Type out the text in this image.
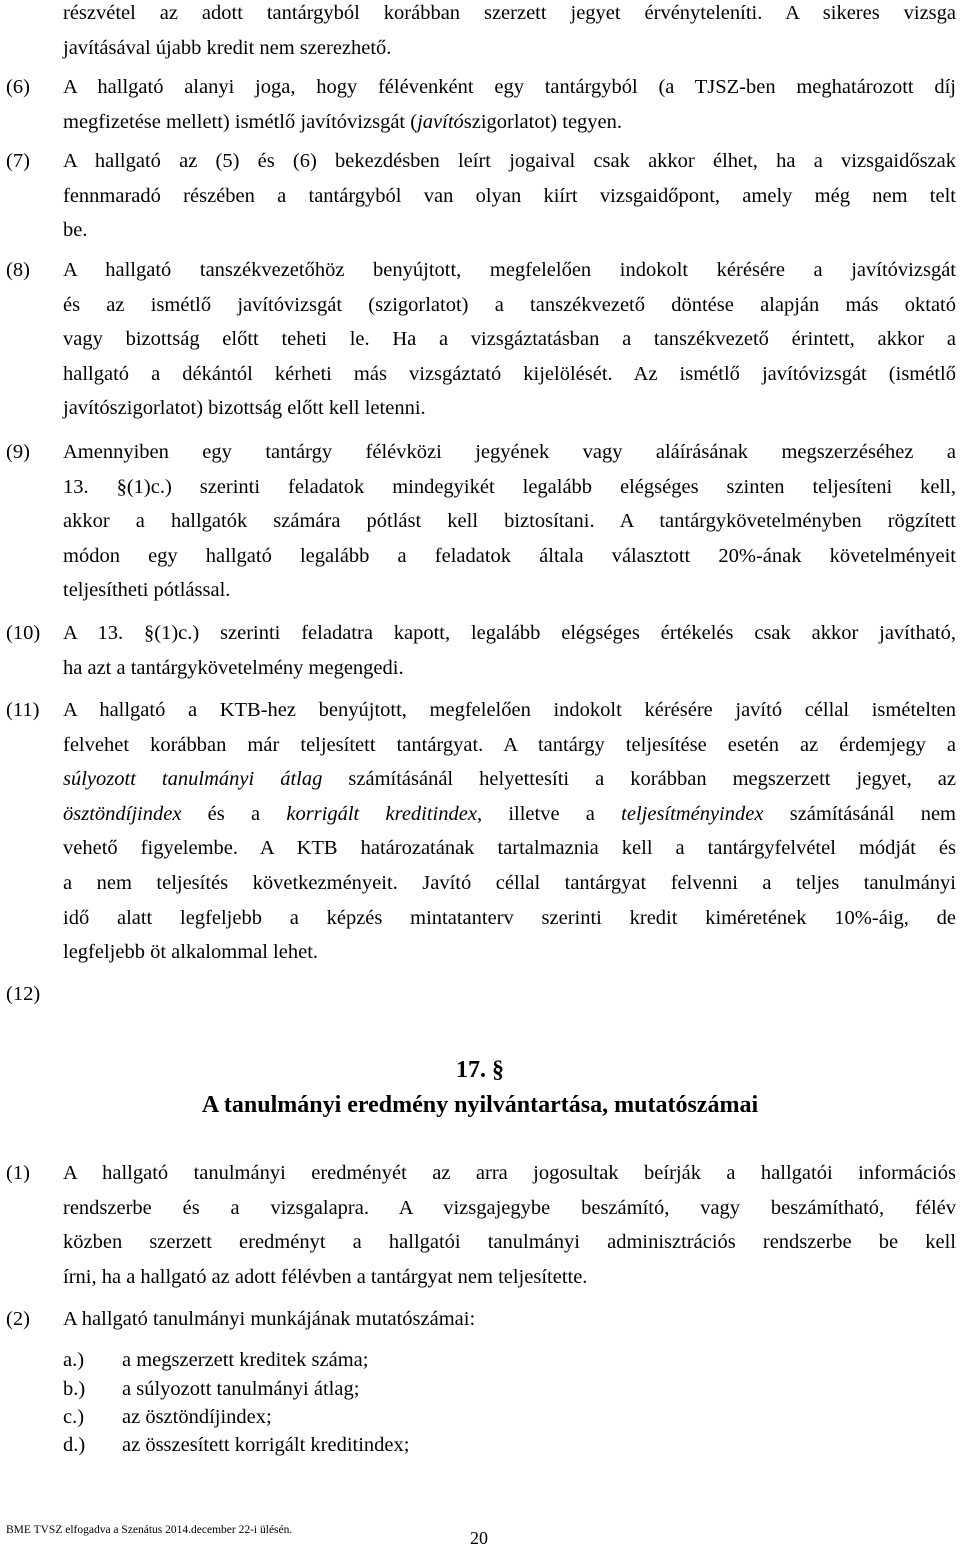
részvétel az adott tantárgyból korábban szerzett jegyet érvényteleníti. A sikeres vizsga
javításával újabb kredit nem szerezhető.
(6) A hallgató alanyi joga, hogy félévenként egy tantárgyból (a TJSZ-ben meghatározott díj
megfizetése mellett) ismétlő javítóvizsgát (javítószigorlatot) tegyen.
(7) A hallgató az (5) és (6) bekezdésben leírt jogaival csak akkor élhet, ha a vizsgaidőszak
fennmaradó részében a tantárgyból van olyan kiírt vizsgaidőpont, amely még nem telt
be.
(8) A hallgató tanszékvezetőhöz benyújtott, megfelelően indokolt kérésére a javítóvizsgát
és az ismétlő javítóvizsgát (szigorlatot) a tanszékvezető döntése alapján más oktató
vagy bizottság előtt teheti le. Ha a vizsgáztatásban a tanszékvezető érintett, akkor a
hallgató a dékántól kérheti más vizsgáztató kijelölését. Az ismétlő javítóvizsgát (ismétlő
javítószigorlatot) bizottság előtt kell letenni.
(9) Amennyiben egy tantárgy félévközi jegyének vagy aláírásának megszerzéséhez a
13. §(1)c.) szerinti feladatok mindegyikét legalább elégséges szinten teljesíteni kell,
akkor a hallgatók számára pótlást kell biztosítani. A tantárgykövetelményben rögzített
módon egy hallgató legalább a feladatok általa választott 20%-ának követelményeit
teljesítheti pótlással.
(10) A 13. §(1)c.) szerinti feladatra kapott, legalább elégséges értékelés csak akkor javítható,
ha azt a tantárgykövetelmény megengedi.
(11) A hallgató a KTB-hez benyújtott, megfelelően indokolt kérésére javító céllal ismételten
felvehet korábban már teljesített tantárgyat. A tantárgy teljesítése esetén az érdemjegy a
súlyozott tanulmányi átlag számításánál helyettesíti a korábban megszerzett jegyet, az
ösztöndíjindex és a korrigált kreditindex, illetve a teljesítményindex számításánál nem
vehető figyelembe. A KTB határozatának tartalmaznia kell a tantárgyfelvétel módját és
a nem teljesítés következményeit. Javító céllal tantárgyat felvenni a teljes tanulmányi
idő alatt legfeljebb a képzés mintatanterv szerinti kredit kiméretének 10%-áig, de
legfeljebb öt alkalommal lehet.
(12)
17. §
A tanulmányi eredmény nyilvántartása, mutatószámai
(1) A hallgató tanulmányi eredményét az arra jogosultak beírják a hallgatói információs
rendszerbe és a vizsgalapra. A vizsgajegybe beszámító, vagy beszámítható, félév
közben szerzett eredményt a hallgatói tanulmányi adminisztrációs rendszerbe be kell
írni, ha a hallgató az adott félévben a tantárgyat nem teljesítette.
(2) A hallgató tanulmányi munkájának mutatószámai:
a.) a megszerzett kreditek száma;
b.) a súlyozott tanulmányi átlag;
c.) az ösztöndíjindex;
d.) az összesített korrigált kreditindex;
BME TVSZ elfogadva a Szenátus 2014.december 22-i ülésén.	20
